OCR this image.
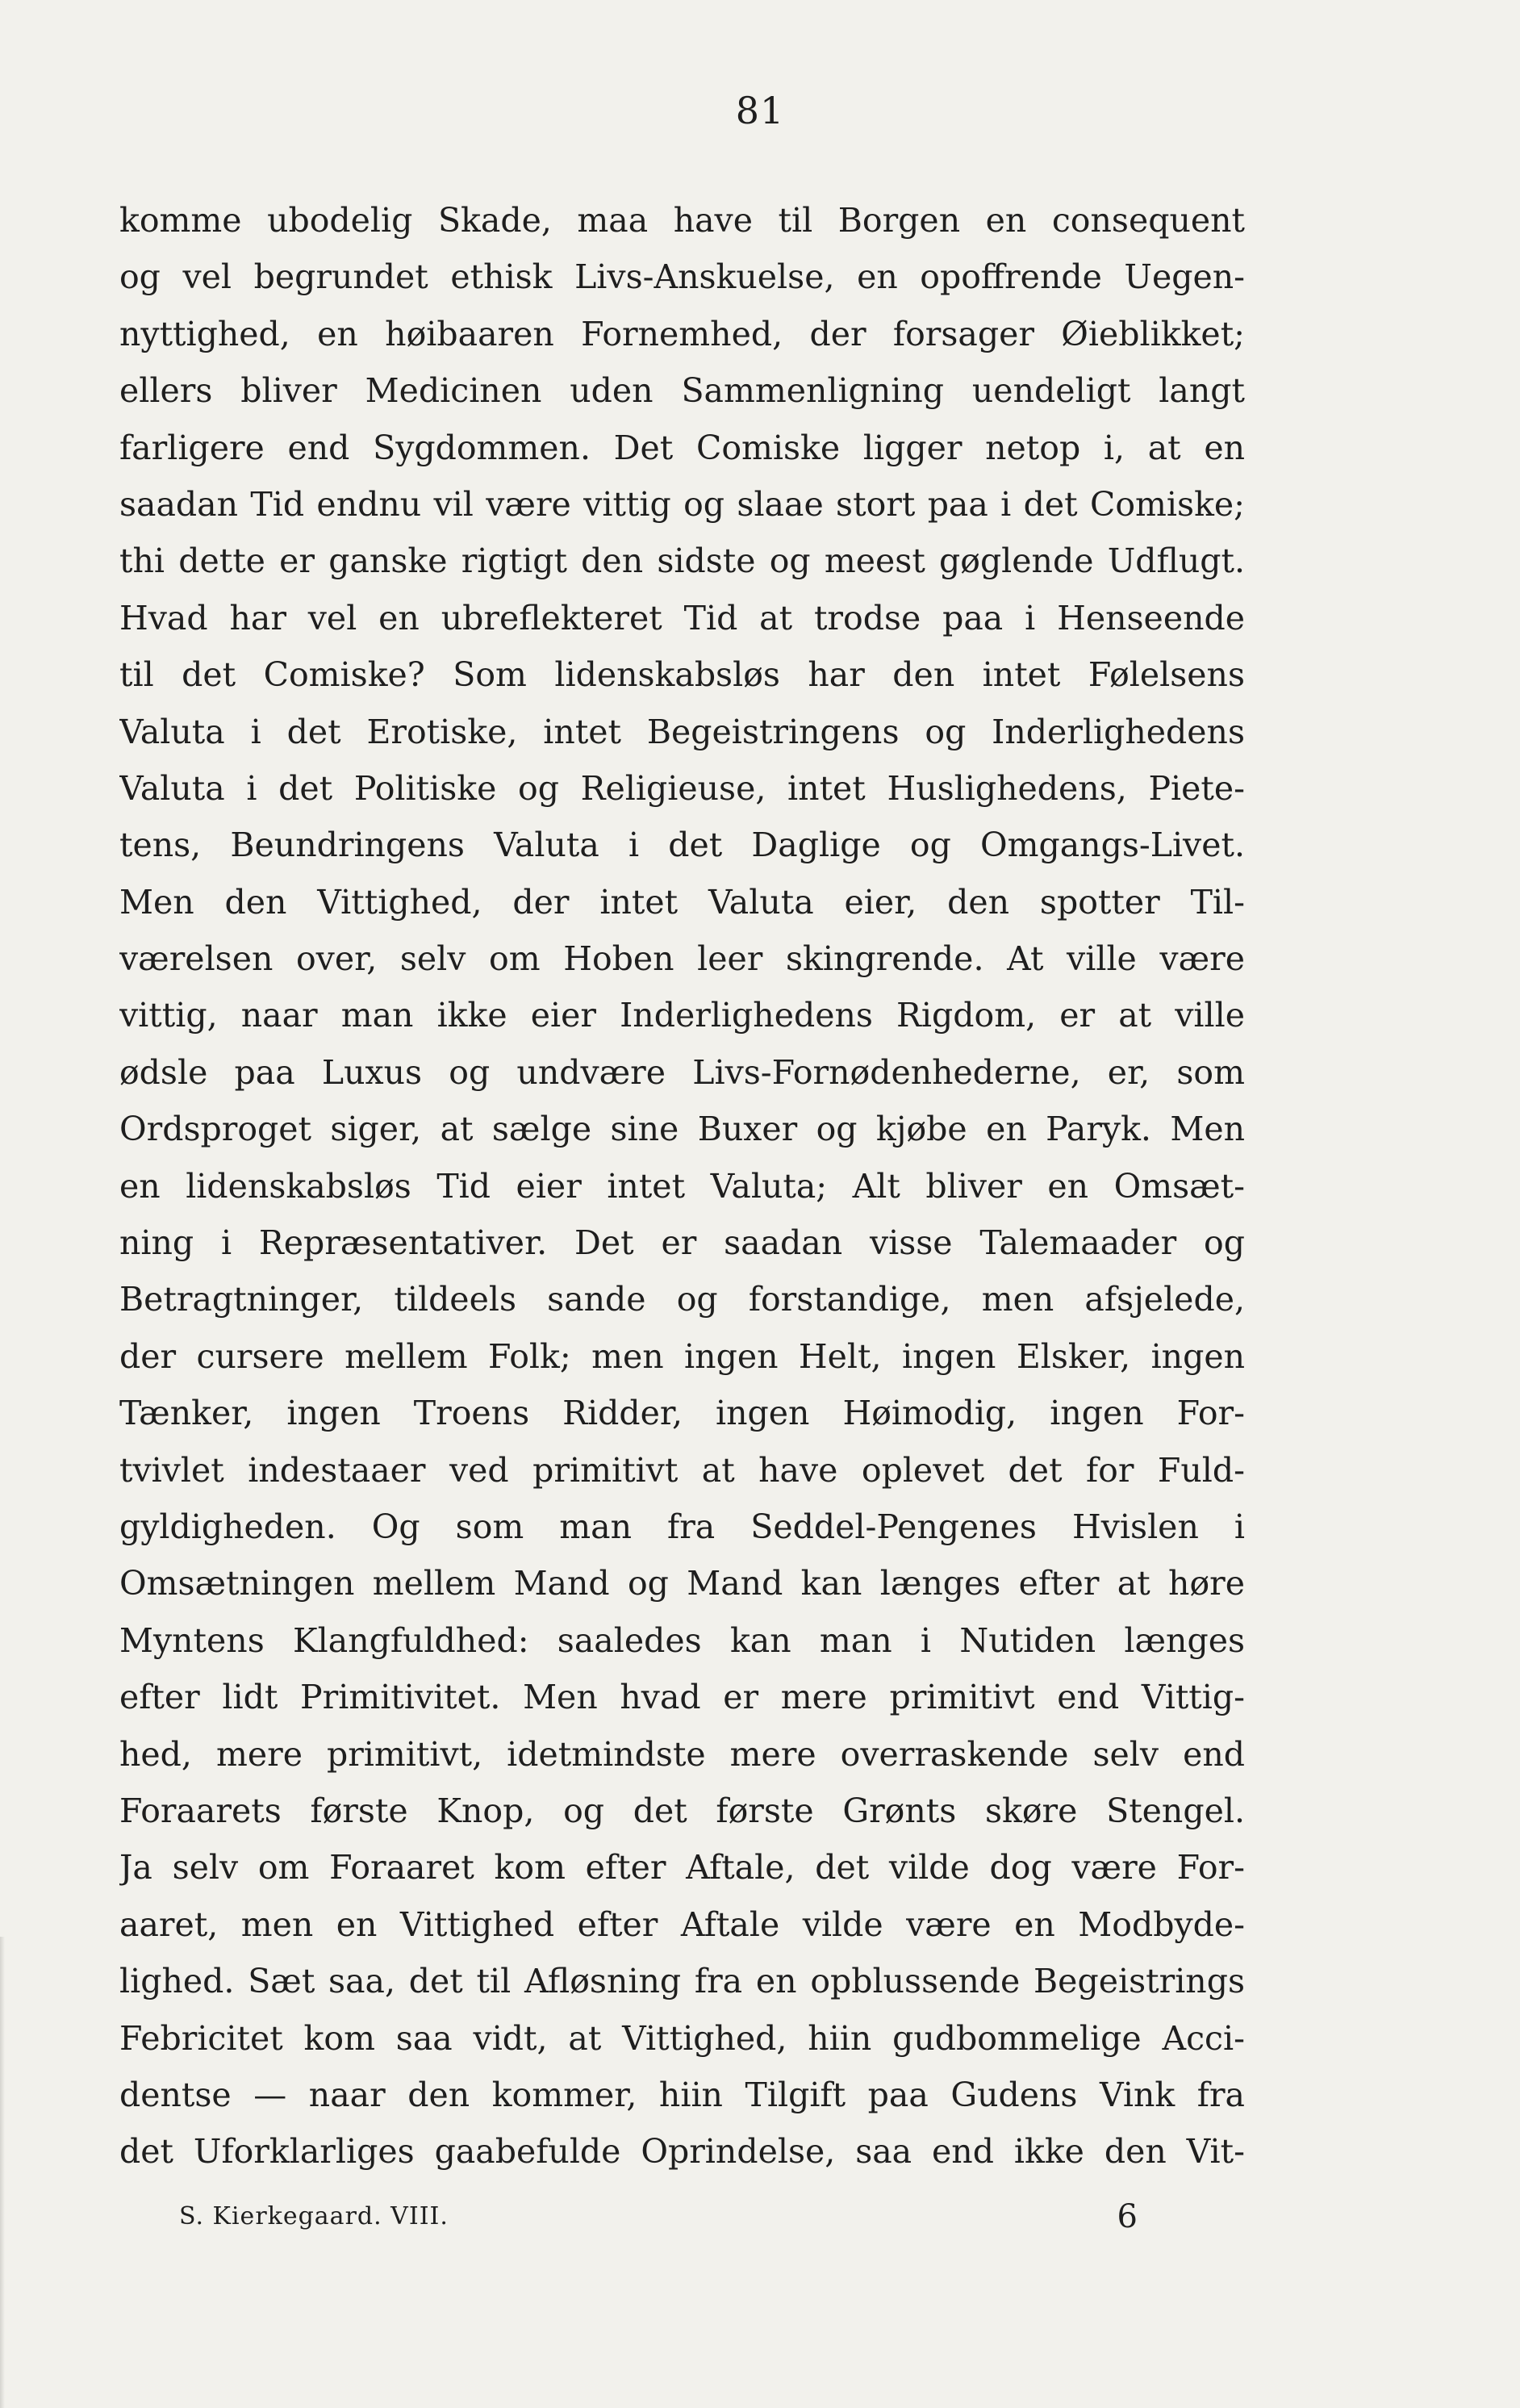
81
komme ubodelig Skade, maa have til Borgen en consequent
og vel begrundet ethisk Livs-Anskuelse, en opoffrende Uegen-
nyttighed, en høibaaren Fornemhed, der forsager Øieblikket;
ellers bliver Medicinen uden Sammenligning uendeligt langt
farligere end Sygdommen. Det Comiske ligger netop i, at en
saadan Tid endnu vil være vittig og slaae stort paa i det Comiske;
thi dette er ganske rigtigt den sidste og meest gøglende Udflugt.
Hvad har vel en ubreflekteret Tid at trodse paa i Henseende
til det Comiske? Som lidenskabsløs har den intet Følelsens
Valuta i det Erotiske, intet Begeistringens og Inderlighedens
Valuta i det Politiske og Religieuse, intet Huslighedens, Piete-
tens, Beundringens Valuta i det Daglige og Omgangs-Livet.
Men den Vittighed, der intet Valuta eier, den spotter Til-
værelsen over, selv om Hoben leer skingrende. At ville være
vittig, naar man ikke eier Inderlighedens Rigdom, er at ville
ødsle paa Luxus og undvære Livs-Fornødenhederne, er, som
Ordsproget siger, at sælge sine Buxer og kjøbe en Paryk. Men
en lidenskabsløs Tid eier intet Valuta; Alt bliver en Omsæt-
ning i Repræsentativer. Det er saadan visse Talemaader og
Betragtninger, tildeels sande og forstandige, men afsjelede,
der cursere mellem Folk; men ingen Helt, ingen Elsker, ingen
Tænker, ingen Troens Ridder, ingen Høimodig, ingen For-
tvivlet indestaaer ved primitivt at have oplevet det for Fuld-
gyldigheden. Og som man fra Seddel-Pengenes Hvislen i
Omsætningen mellem Mand og Mand kan længes efter at høre
Myntens Klangfuldhed: saaledes kan man i Nutiden længes
efter lidt Primitivitet. Men hvad er mere primitivt end Vittig-
hed, mere primitivt, idetmindste mere overraskende selv end
Foraarets første Knop, og det første Grønts skøre Stengel.
Ja selv om Foraaret kom efter Aftale, det vilde dog være For-
aaret, men en Vittighed efter Aftale vilde være en Modbyde-
lighed. Sæt saa, det til Afløsning fra en opblussende Begeistrings
Febricitet kom saa vidt, at Vittighed, hiin gudbommelige Acci-
dentse — naar den kommer, hiin Tilgift paa Gudens Vink fra
det Uforklarliges gaabefulde Oprindelse, saa end ikke den Vit-
S. Kierkegaard. VIII.	6
